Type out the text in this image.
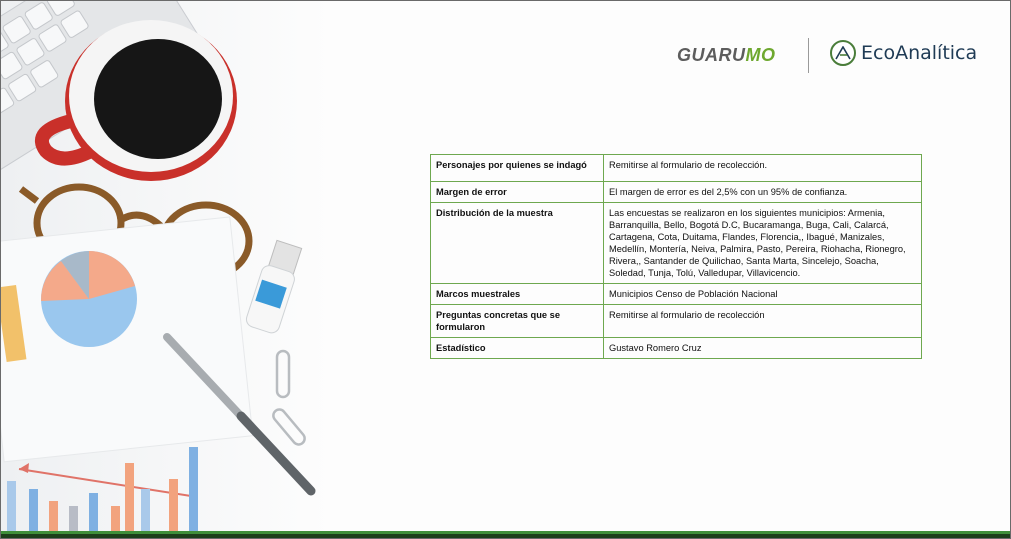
GUARUMO	EcoAnalítica
Personajes por quienes se indagó	Remitirse al formulario de recolección.
Margen de error	El margen de error es del 2,5% con un 95% de confianza.
Distribución de la muestra	Las encuestas se realizaron en los siguientes municipios: Armenia, Barranquilla, Bello, Bogotá D.C, Bucaramanga, Buga, Cali, Calarcá, Cartagena, Cota, Duitama, Flandes, Florencia,, Ibagué, Manizales, Medellín, Montería, Neiva, Palmira, Pasto, Pereira, Riohacha, Rionegro, Rivera,, Santander de Quilichao, Santa Marta, Sincelejo, Soacha, Soledad, Tunja, Tolú, Valledupar, Villavicencio.
Marcos muestrales	Municipios Censo de Población Nacional
Preguntas concretas que se formularon	Remitirse al formulario de recolección
Estadístico	Gustavo Romero Cruz
